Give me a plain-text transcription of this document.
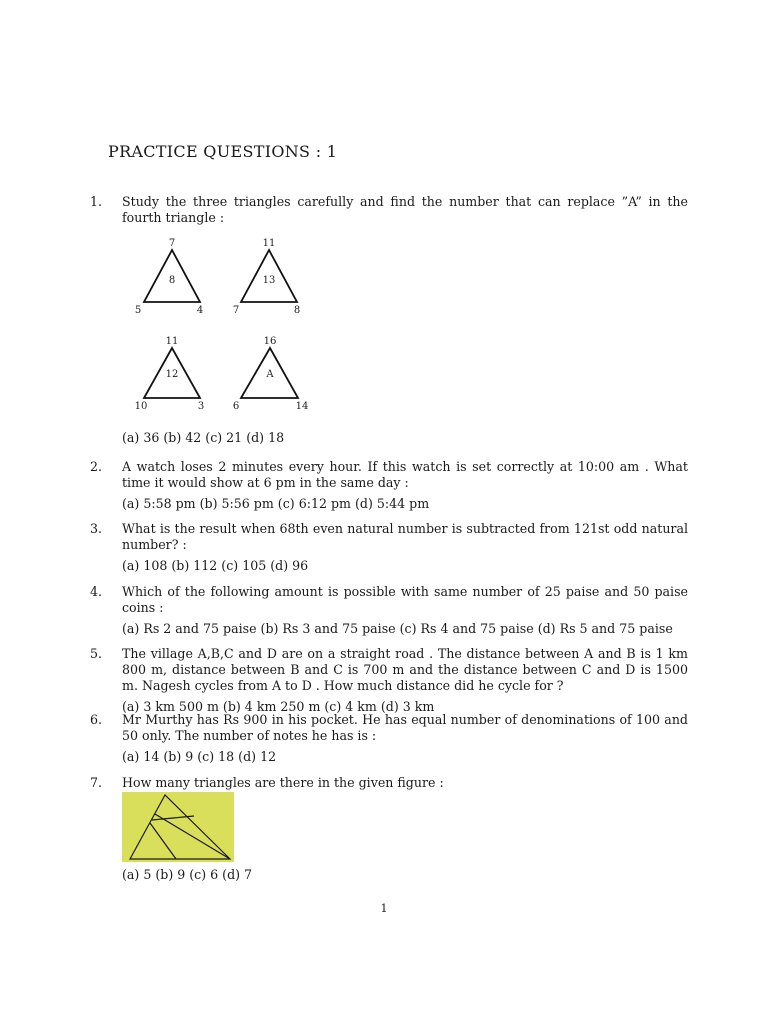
PRACTICE QUESTIONS : 1
1. Study the three triangles carefully and find the number that can replace ”A” in the fourth triangle :
7
8
5	4
11
13
7	8
11
12
10	3
16
A
6	14
(a) 36 (b) 42 (c) 21 (d) 18
2. A watch loses 2 minutes every hour. If this watch is set correctly at 10:00 am . What time it would show at 6 pm in the same day :
(a) 5:58 pm (b) 5:56 pm (c) 6:12 pm (d) 5:44 pm
3. What is the result when 68th even natural number is subtracted from 121st odd natural number? :
(a) 108 (b) 112 (c) 105 (d) 96
4. Which of the following amount is possible with same number of 25 paise and 50 paise coins :
(a) Rs 2 and 75 paise (b) Rs 3 and 75 paise (c) Rs 4 and 75 paise (d) Rs 5 and 75 paise
5. The village A,B,C and D are on a straight road . The distance between A and B is 1 km 800 m, distance between B and C is 700 m and the distance between C and D is 1500 m. Nagesh cycles from A to D . How much distance did he cycle for ?
(a) 3 km 500 m (b) 4 km 250 m (c) 4 km (d) 3 km
6. Mr Murthy has Rs 900 in his pocket. He has equal number of denominations of 100 and 50 only. The number of notes he has is :
(a) 14 (b) 9 (c) 18 (d) 12
7. How many triangles are there in the given figure :
(a) 5 (b) 9 (c) 6 (d) 7
1
